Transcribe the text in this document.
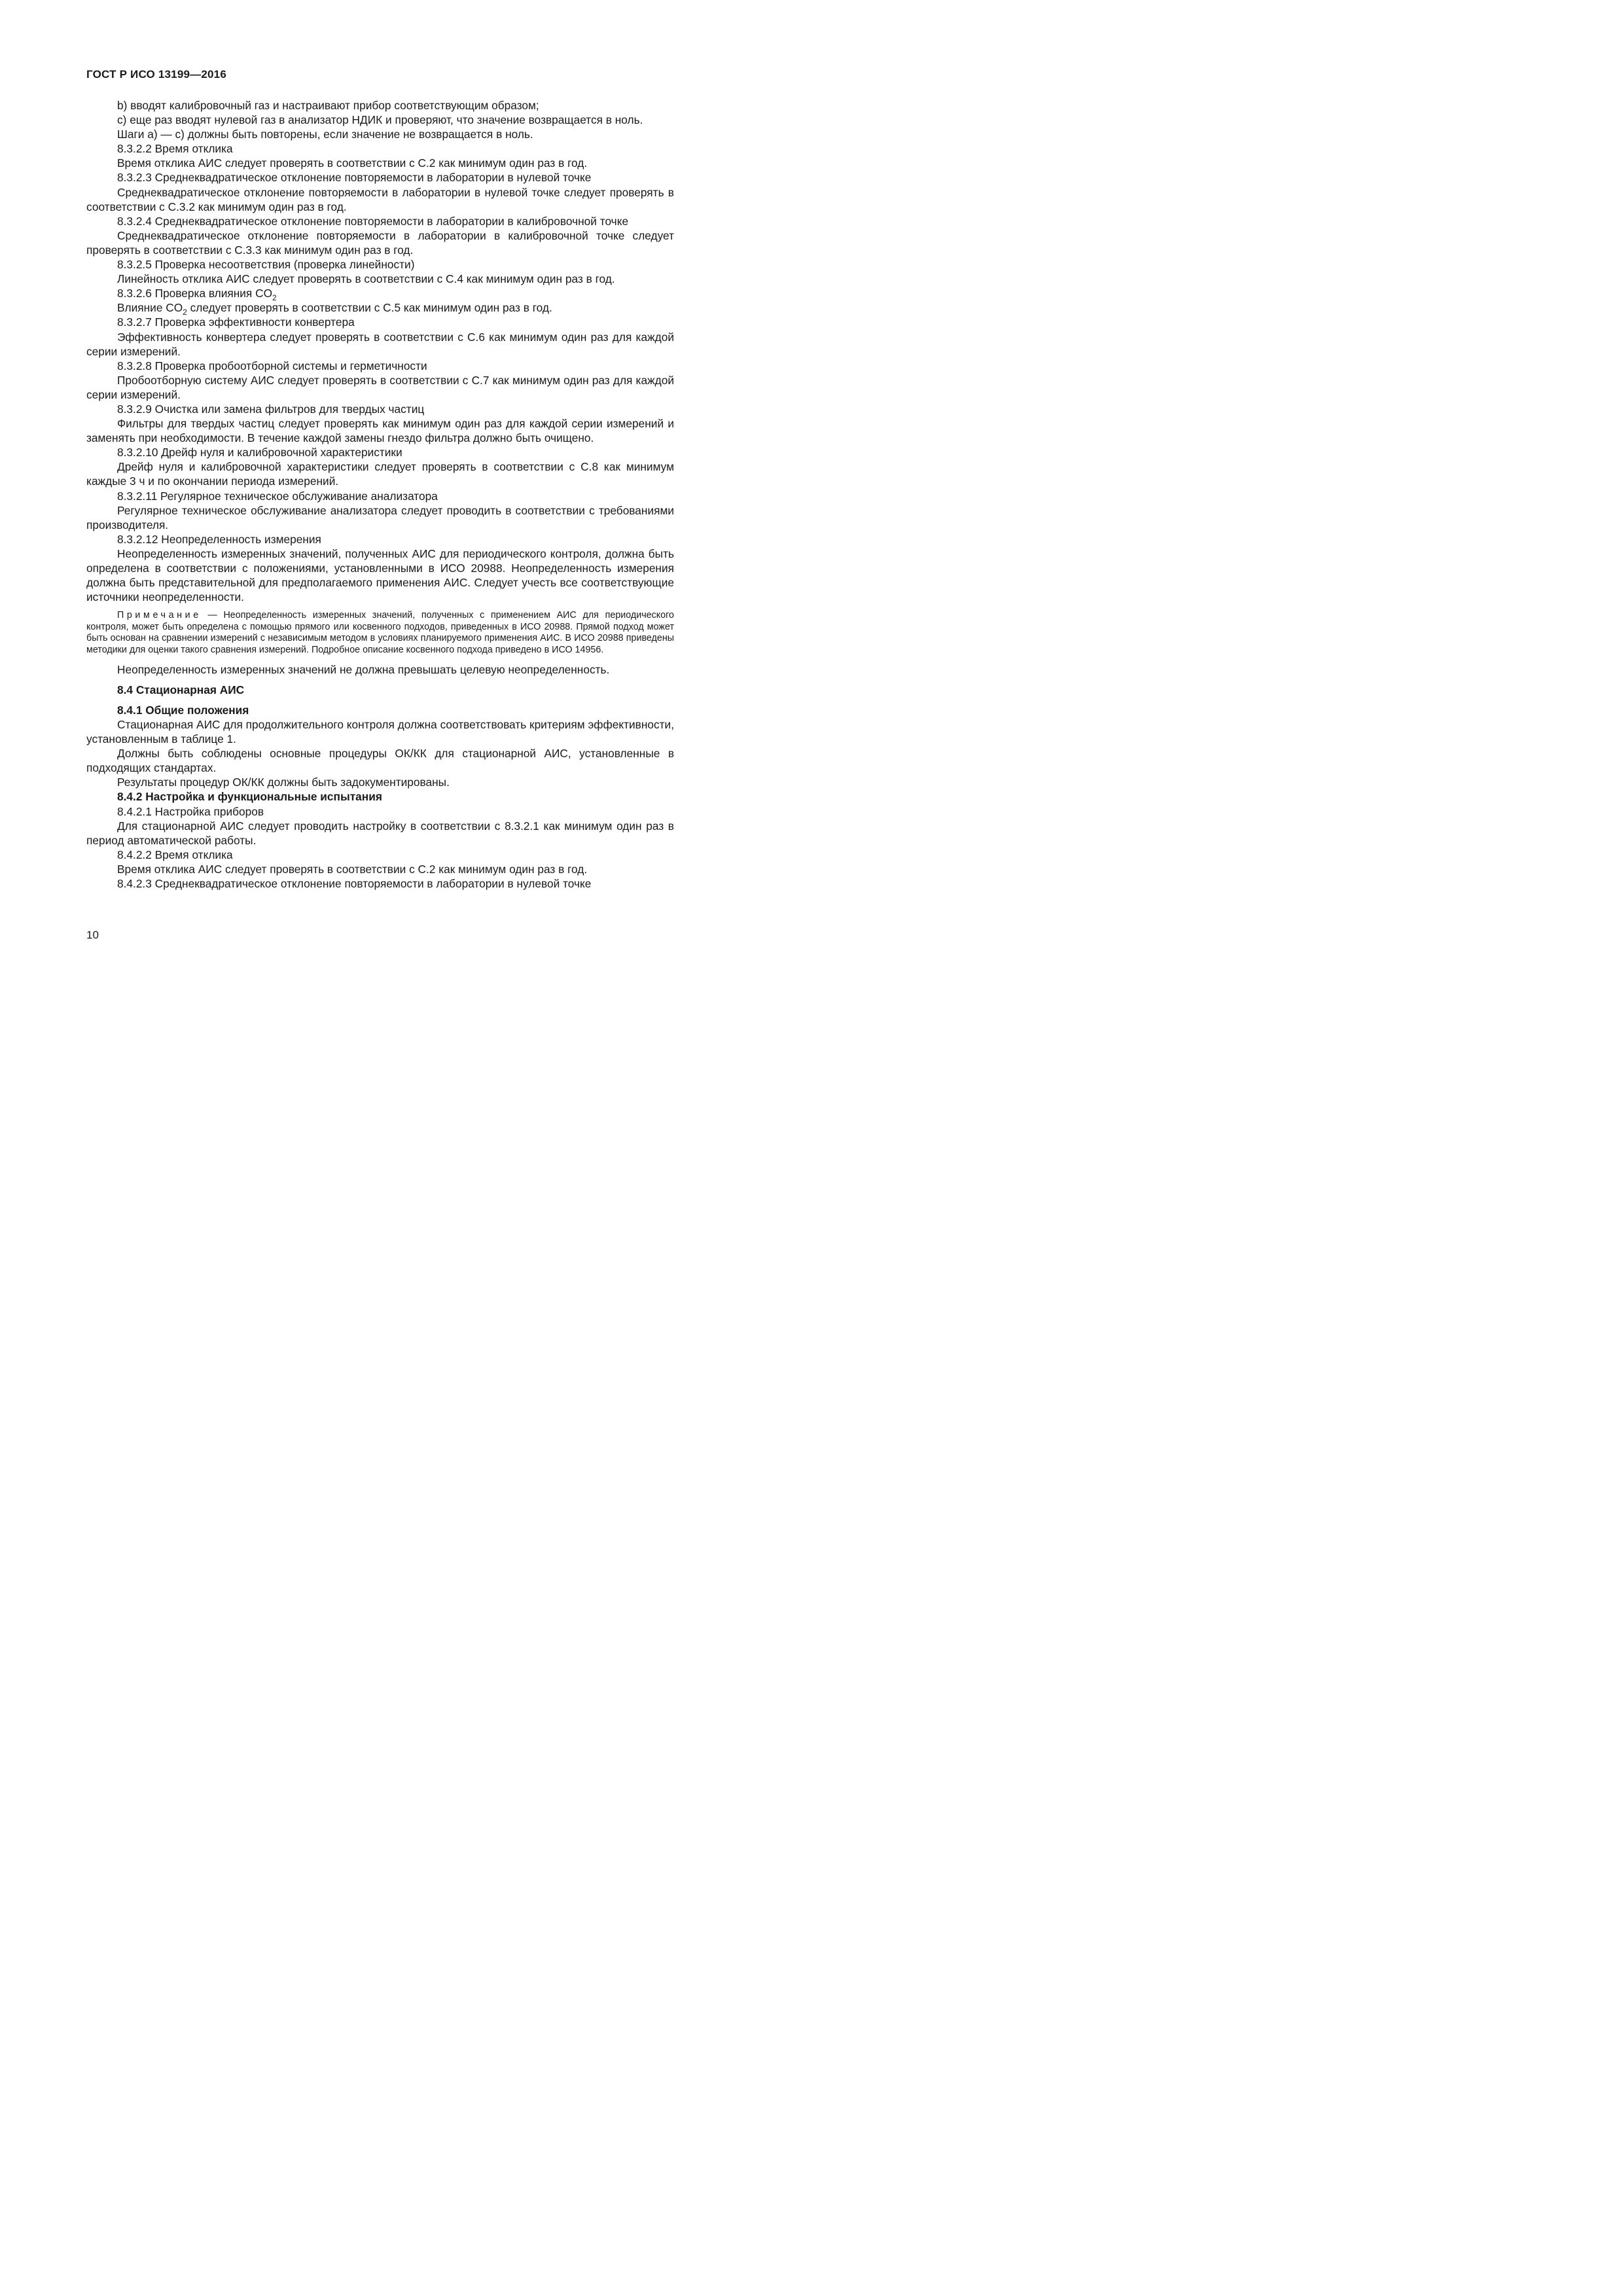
ГОСТ Р ИСО 13199—2016

b) вводят калибровочный газ и настраивают прибор соответствующим образом;

c) еще раз вводят нулевой газ в анализатор НДИК и проверяют, что значение возвращается в ноль.

Шаги а) — с) должны быть повторены, если значение не возвращается в ноль.

8.3.2.2 Время отклика

Время отклика АИС следует проверять в соответствии с С.2 как минимум один раз в год.

8.3.2.3 Среднеквадратическое отклонение повторяемости в лаборатории в нулевой точке

Среднеквадратическое отклонение повторяемости в лаборатории в нулевой точке следует проверять в соответствии с С.3.2 как минимум один раз в год.

8.3.2.4 Среднеквадратическое отклонение повторяемости в лаборатории в калибровочной точке

Среднеквадратическое отклонение повторяемости в лаборатории в калибровочной точке следует проверять в соответствии с С.3.3 как минимум один раз в год.

8.3.2.5 Проверка несоответствия (проверка линейности)

Линейность отклика АИС следует проверять в соответствии с С.4 как минимум один раз в год.

8.3.2.6 Проверка влияния $CO_2$

Влияние $CO_2$ следует проверять в соответствии с С.5 как минимум один раз в год.

8.3.2.7 Проверка эффективности конвертера

Эффективность конвертера следует проверять в соответствии с С.6 как минимум один раз для каждой серии измерений.

8.3.2.8 Проверка пробоотборной системы и герметичности

Пробоотборную систему АИС следует проверять в соответствии с С.7 как минимум один раз для каждой серии измерений.

8.3.2.9 Очистка или замена фильтров для твердых частиц

Фильтры для твердых частиц следует проверять как минимум один раз для каждой серии измерений и заменять при необходимости. В течение каждой замены гнездо фильтра должно быть очищено.

8.3.2.10 Дрейф нуля и калибровочной характеристики

Дрейф нуля и калибровочной характеристики следует проверять в соответствии с С.8 как минимум каждые 3 ч и по окончании периода измерений.

8.3.2.11 Регулярное техническое обслуживание анализатора

Регулярное техническое обслуживание анализатора следует проводить в соответствии с требованиями производителя.

8.3.2.12 Неопределенность измерения

Неопределенность измеренных значений, полученных АИС для периодического контроля, должна быть определена в соответствии с положениями, установленными в ИСО 20988. Неопределенность измерения должна быть представительной для предполагаемого применения АИС. Следует учесть все соответствующие источники неопределенности.

Примечание — Неопределенность измеренных значений, полученных с применением АИС для периодического контроля, может быть определена с помощью прямого или косвенного подходов, приведенных в ИСО 20988. Прямой подход может быть основан на сравнении измерений с независимым методом в условиях планируемого применения АИС. В ИСО 20988 приведены методики для оценки такого сравнения измерений. Подробное описание косвенного подхода приведено в ИСО 14956.

Неопределенность измеренных значений не должна превышать целевую неопределенность.

8.4 Стационарная АИС

8.4.1 Общие положения

Стационарная АИС для продолжительного контроля должна соответствовать критериям эффективности, установленным в таблице 1.

Должны быть соблюдены основные процедуры ОК/КК для стационарной АИС, установленные в подходящих стандартах.

Результаты процедур ОК/КК должны быть задокументированы.

8.4.2 Настройка и функциональные испытания

8.4.2.1 Настройка приборов

Для стационарной АИС следует проводить настройку в соответствии с 8.3.2.1 как минимум один раз в период автоматической работы.

8.4.2.2 Время отклика

Время отклика АИС следует проверять в соответствии с С.2 как минимум один раз в год.

8.4.2.3 Среднеквадратическое отклонение повторяемости в лаборатории в нулевой точке

10
